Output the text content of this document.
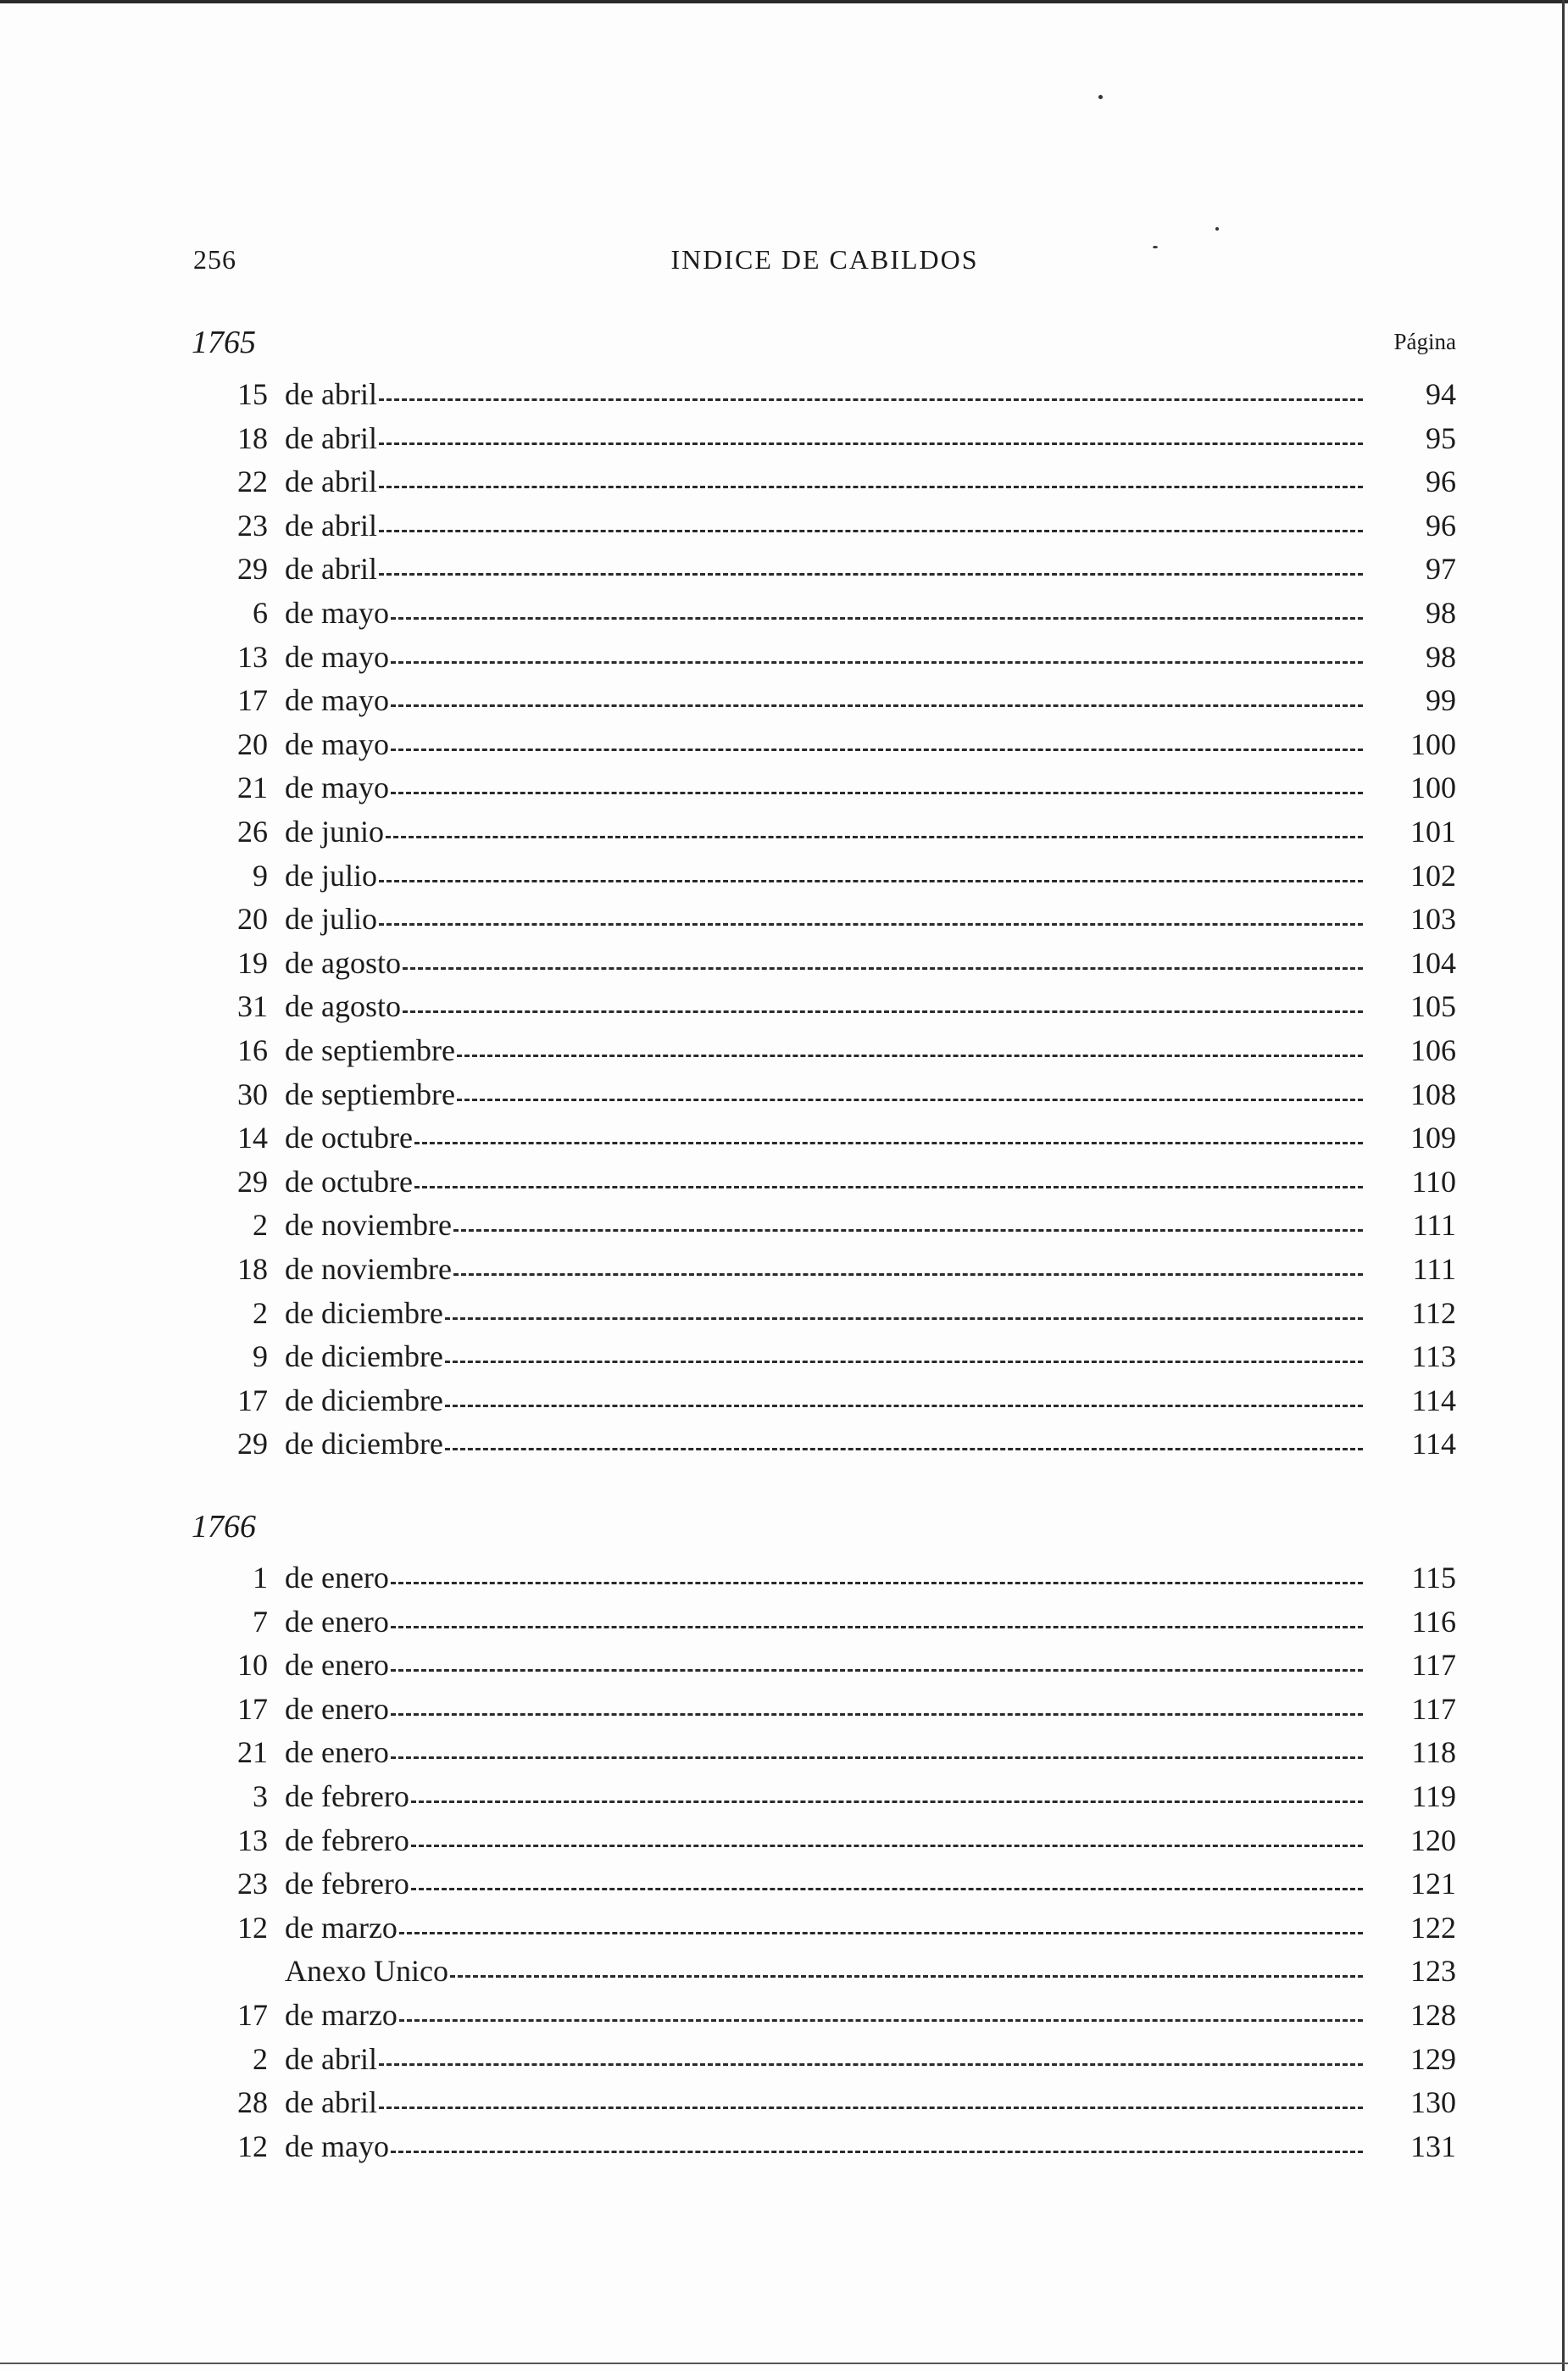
256	INDICE DE CABILDOS
Página
1765
15 de abril	94
18 de abril	95
22 de abril	96
23 de abril	96
29 de abril	97
6 de mayo	98
13 de mayo	98
17 de mayo	99
20 de mayo	100
21 de mayo	100
26 de junio	101
9 de julio	102
20 de julio	103
19 de agosto	104
31 de agosto	105
16 de septiembre	106
30 de septiembre	108
14 de octubre	109
29 de octubre	110
2 de noviembre	111
18 de noviembre	111
2 de diciembre	112
9 de diciembre	113
17 de diciembre	114
29 de diciembre	114
1766
1 de enero	115
7 de enero	116
10 de enero	117
17 de enero	117
21 de enero	118
3 de febrero	119
13 de febrero	120
23 de febrero	121
12 de marzo	122
Anexo Unico	123
17 de marzo	128
2 de abril	129
28 de abril	130
12 de mayo	131
